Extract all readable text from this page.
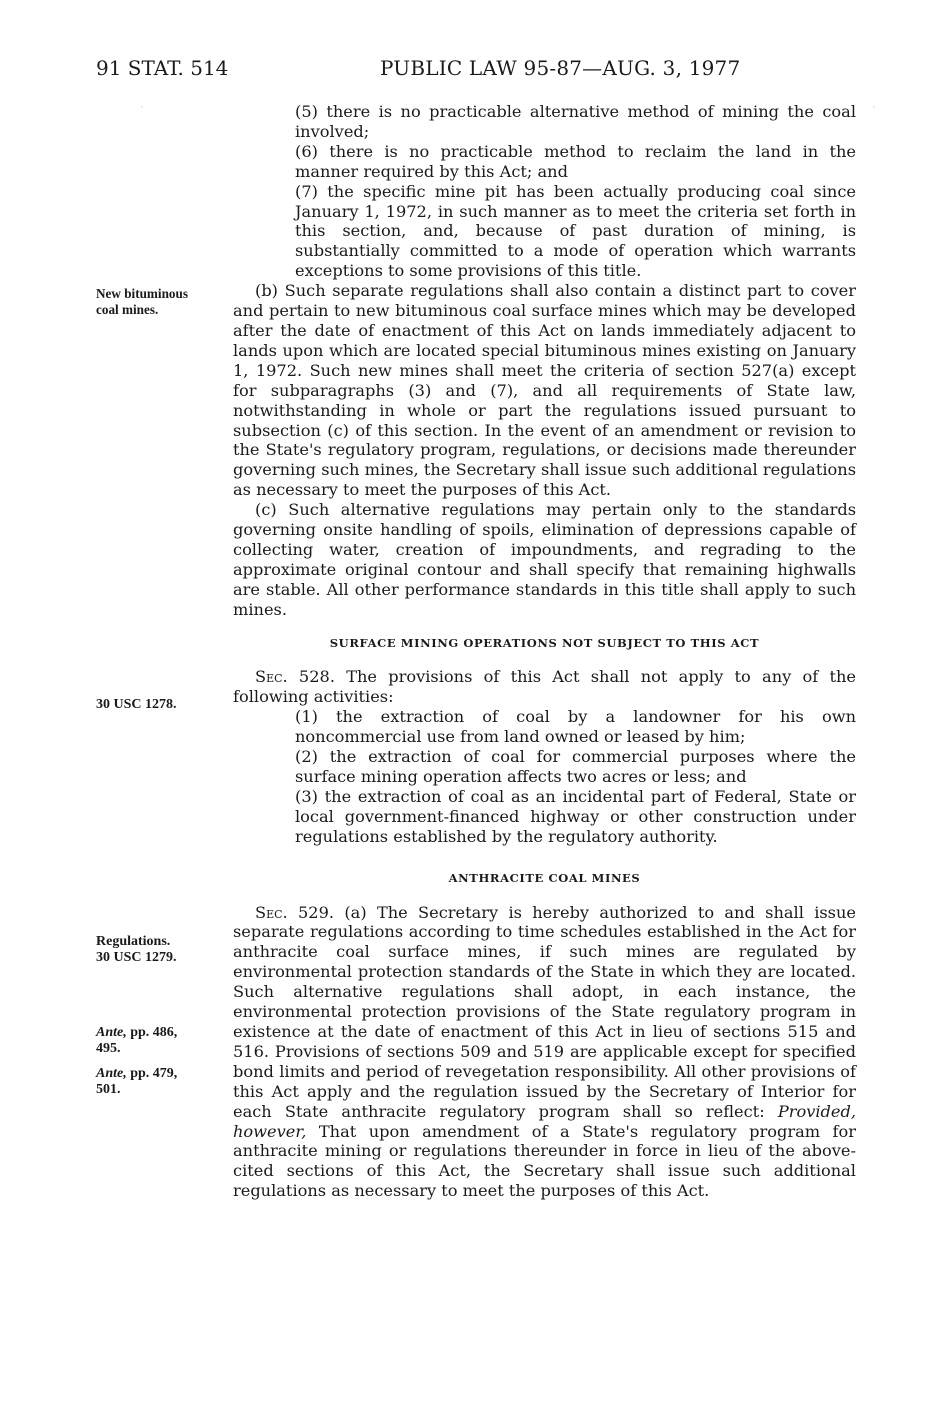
91 STAT. 514	PUBLIC LAW 95-87—AUG. 3, 1977
·	·
New bituminous
coal mines.
30 USC 1278.
Regulations.
30 USC 1279.
Ante, pp. 486,
495.
Ante, pp. 479,
501.

(5) there is no practicable alternative method of mining the coal involved;

(6) there is no practicable method to reclaim the land in the manner required by this Act; and

(7) the specific mine pit has been actually producing coal since January 1, 1972, in such manner as to meet the criteria set forth in this section, and, because of past duration of mining, is substantially committed to a mode of operation which warrants exceptions to some provisions of this title.

(b) Such separate regulations shall also contain a distinct part to cover and pertain to new bituminous coal surface mines which may be developed after the date of enactment of this Act on lands immediately adjacent to lands upon which are located special bituminous mines existing on January 1, 1972. Such new mines shall meet the criteria of section 527(a) except for subparagraphs (3) and (7), and all requirements of State law, notwithstanding in whole or part the regulations issued pursuant to subsection (c) of this section. In the event of an amendment or revision to the State's regulatory program, regulations, or decisions made thereunder governing such mines, the Secretary shall issue such additional regulations as necessary to meet the purposes of this Act.

(c) Such alternative regulations may pertain only to the standards governing onsite handling of spoils, elimination of depressions capable of collecting water, creation of impoundments, and regrading to the approximate original contour and shall specify that remaining highwalls are stable. All other performance standards in this title shall apply to such mines.

SURFACE MINING OPERATIONS NOT SUBJECT TO THIS ACT

Sec. 528. The provisions of this Act shall not apply to any of the following activities:

(1) the extraction of coal by a landowner for his own noncommercial use from land owned or leased by him;

(2) the extraction of coal for commercial purposes where the surface mining operation affects two acres or less; and

(3) the extraction of coal as an incidental part of Federal, State or local government-financed highway or other construction under regulations established by the regulatory authority.

ANTHRACITE COAL MINES

Sec. 529. (a) The Secretary is hereby authorized to and shall issue separate regulations according to time schedules established in the Act for anthracite coal surface mines, if such mines are regulated by environmental protection standards of the State in which they are located. Such alternative regulations shall adopt, in each instance, the environmental protection provisions of the State regulatory program in existence at the date of enactment of this Act in lieu of sections 515 and 516. Provisions of sections 509 and 519 are applicable except for specified bond limits and period of revegetation responsibility. All other provisions of this Act apply and the regulation issued by the Secretary of Interior for each State anthracite regulatory program shall so reflect: Provided, however, That upon amendment of a State's regulatory program for anthracite mining or regulations thereunder in force in lieu of the above-cited sections of this Act, the Secretary shall issue such additional regulations as necessary to meet the purposes of this Act.
